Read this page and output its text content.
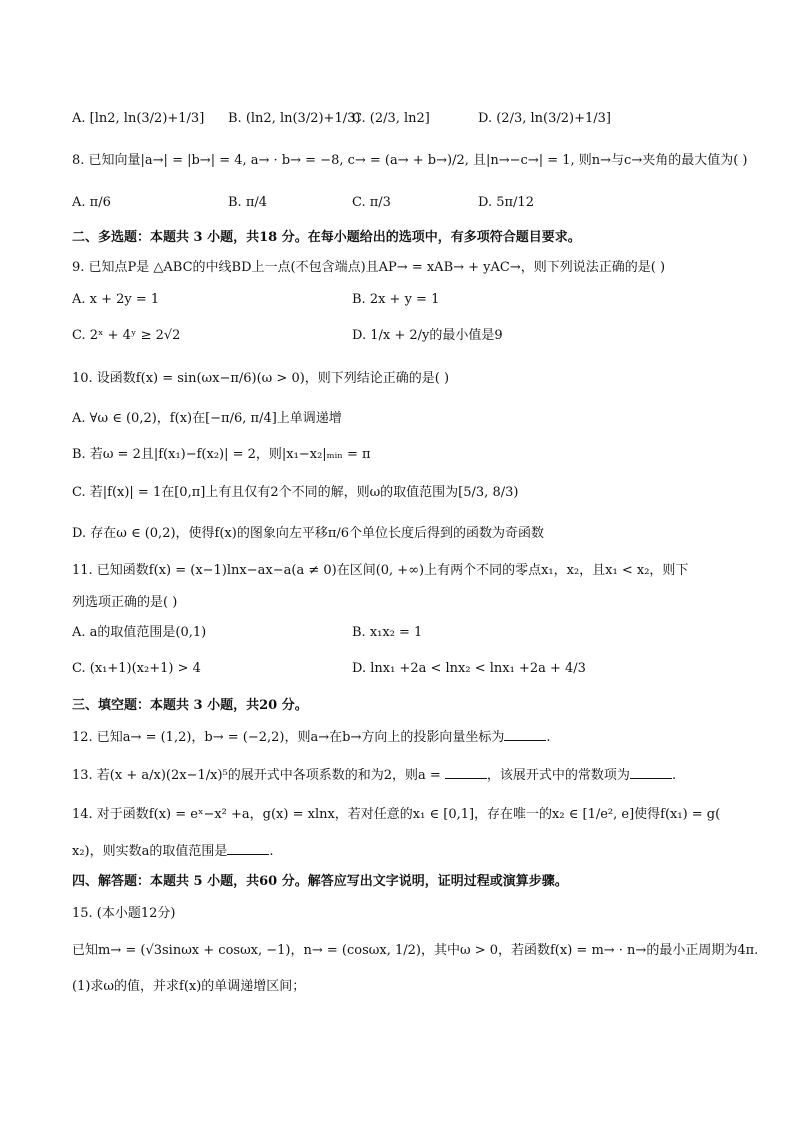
A. [ln2, ln(3/2)+1/3] B. (ln2, ln(3/2)+1/3)
C. (2/3, ln2]	D. (2/3, ln(3/2)+1/3]
8. 已知向量|a→| = |b→| = 4, a→ · b→ = −8, c→ = (a→ + b→)/2, 且|n→−c→| = 1, 则n→与c→夹角的最大值为( )
A. π/6	B. π/4	C. π/3	D. 5π/12
二、多选题：本题共 3 小题，共18 分。在每小题给出的选项中，有多项符合题目要求。
9. 已知点P是 △ABC的中线BD上一点(不包含端点)且AP→ = xAB→ + yAC→，则下列说法正确的是( )
A. x + 2y = 1	B. 2x + y = 1
C. 2ˣ + 4ʸ ≥ 2√2	D. 1/x + 2/y的最小值是9
10. 设函数f(x) = sin(ωx−π/6)(ω > 0)，则下列结论正确的是( )
A. ∀ω ∈ (0,2)，f(x)在[−π/6, π/4]上单调递增
B. 若ω = 2且|f(x₁)−f(x₂)| = 2，则|x₁−x₂|ₘᵢₙ = π
C. 若|f(x)| = 1在[0,π]上有且仅有2个不同的解，则ω的取值范围为[5/3, 8/3)
D. 存在ω ∈ (0,2)，使得f(x)的图象向左平移π/6个单位长度后得到的函数为奇函数
11. 已知函数f(x) = (x−1)lnx−ax−a(a ≠ 0)在区间(0, +∞)上有两个不同的零点x₁，x₂，且x₁ < x₂，则下
列选项正确的是( )
A. a的取值范围是(0,1)	B. x₁x₂ = 1
C. (x₁+1)(x₂+1) > 4	D. lnx₁ +2a < lnx₂ < lnx₁ +2a + 4/3
三、填空题：本题共 3 小题，共20 分。
12. 已知a→ = (1,2)，b→ = (−2,2)，则a→在b→方向上的投影向量坐标为	.
13. 若(x + a/x)(2x−1/x)⁵的展开式中各项系数的和为2，则a =	，该展开式中的常数项为	.
14. 对于函数f(x) = eˣ−x² +a，g(x) = xlnx，若对任意的x₁ ∈ [0,1]，存在唯一的x₂ ∈ [1/e², e]使得f(x₁) = g(
x₂)，则实数a的取值范围是	.
四、解答题：本题共 5 小题，共60 分。解答应写出文字说明，证明过程或演算步骤。
15. (本小题12分)
已知m→ = (√3sinωx + cosωx, −1)，n→ = (cosωx, 1/2)，其中ω > 0，若函数f(x) = m→ · n→的最小正周期为4π.
(1)求ω的值，并求f(x)的单调递增区间；
